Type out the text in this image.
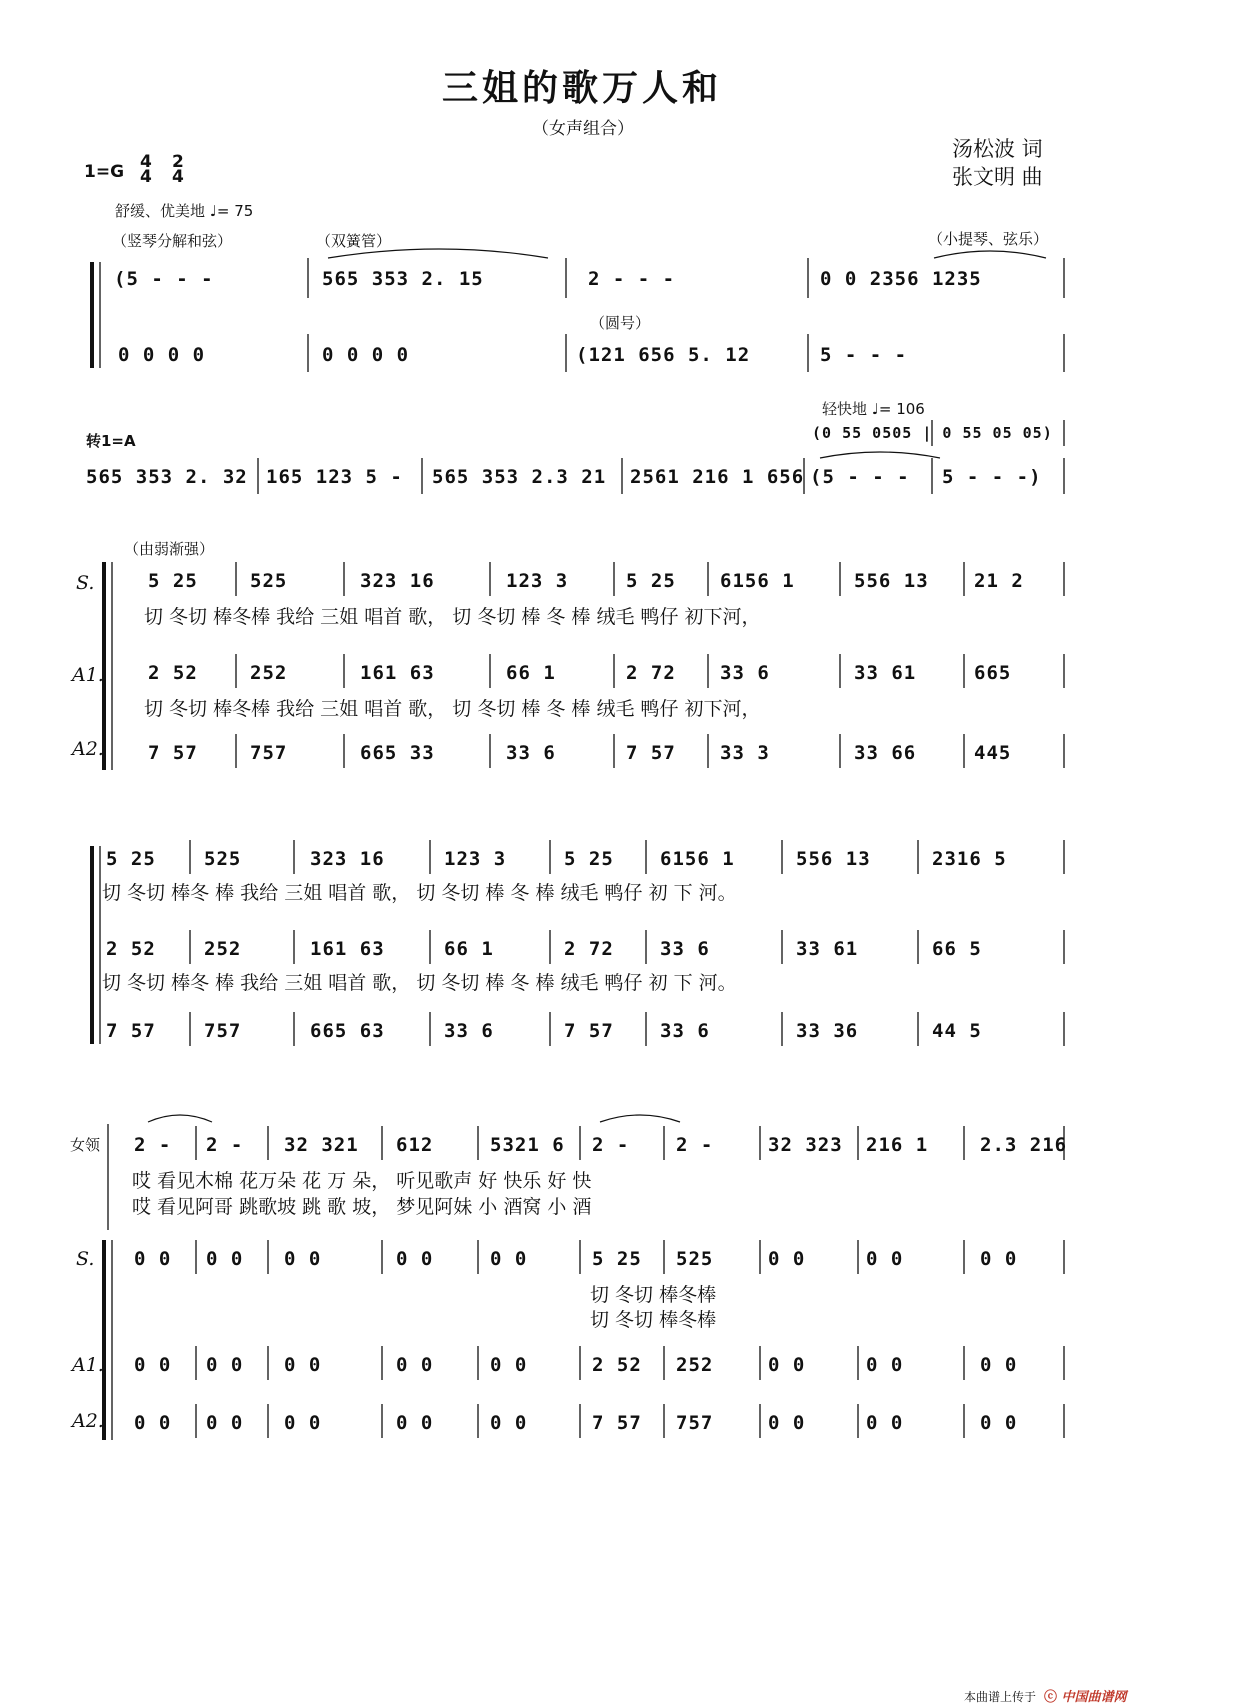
三姐的歌万人和
（女声组合）
汤松波 词
张文明 曲
1=G 4
4
2
4
舒缓、优美地 ♩= 75
（竖琴分解和弦）	（双簧管）	（小提琴、弦乐）
（圆号）
(5 - - -	565 353 2. 15	2 - - -	0 0 2356 1235
0 0 0 0	0 0 0 0	(121 656 5. 12	5 - - -
轻快地 ♩= 106
转1=A	(0 55 0505 | 0 55 05 05)
565 353 2. 32 165 123 5 - 565 353 2.3 21 2561 216 1 656 (5 - - - 5 - - -)
（由弱渐强）
S.
A1.
A2.
5 25	525	323 16	123 3	5 25 6156 1	556 13 21 2
2 52	252	161 63	66 1	2 72 33 6	33 61	665
7 57	757	665 33	33 6	7 57 33 3	33 66	445
切 冬切 棒冬棒 我给 三姐 唱首 歌， 切 冬切 棒 冬 棒 绒毛 鸭仔 初下河，
切 冬切 棒冬棒 我给 三姐 唱首 歌， 切 冬切 棒 冬 棒 绒毛 鸭仔 初下河，
5 25	525	323 16	123 3	5 25 6156 1	556 13	2316 5
2 52	252	161 63	66 1	2 72 33 6	33 61	66 5
7 57	757	665 63	33 6	7 57 33 6	33 36	44 5
切 冬切 棒冬 棒 我给 三姐 唱首 歌， 切 冬切 棒 冬 棒 绒毛 鸭仔 初 下 河。
切 冬切 棒冬 棒 我给 三姐 唱首 歌， 切 冬切 棒 冬 棒 绒毛 鸭仔 初 下 河。
女领
S.
A1.
A2.
2 - 2 - 32 321 612	5321 6 2 - 2 -	32 323 216 1	2.3 216
0 0 0 0 0 0	0 0	0 0	5 25 525	0 0	0 0	0 0
0 0 0 0 0 0	0 0	0 0	2 52 252	0 0	0 0	0 0
0 0 0 0 0 0	0 0	0 0	7 57 757	0 0	0 0	0 0
哎 看见木棉 花万朵 花 万 朵， 听见歌声 好 快乐 好 快
哎 看见阿哥 跳歌坡 跳 歌 坡， 梦见阿妹 小 酒窝 小 酒
切 冬切 棒冬棒
切 冬切 棒冬棒
本曲谱上传于 ⓒ 中国曲谱网
